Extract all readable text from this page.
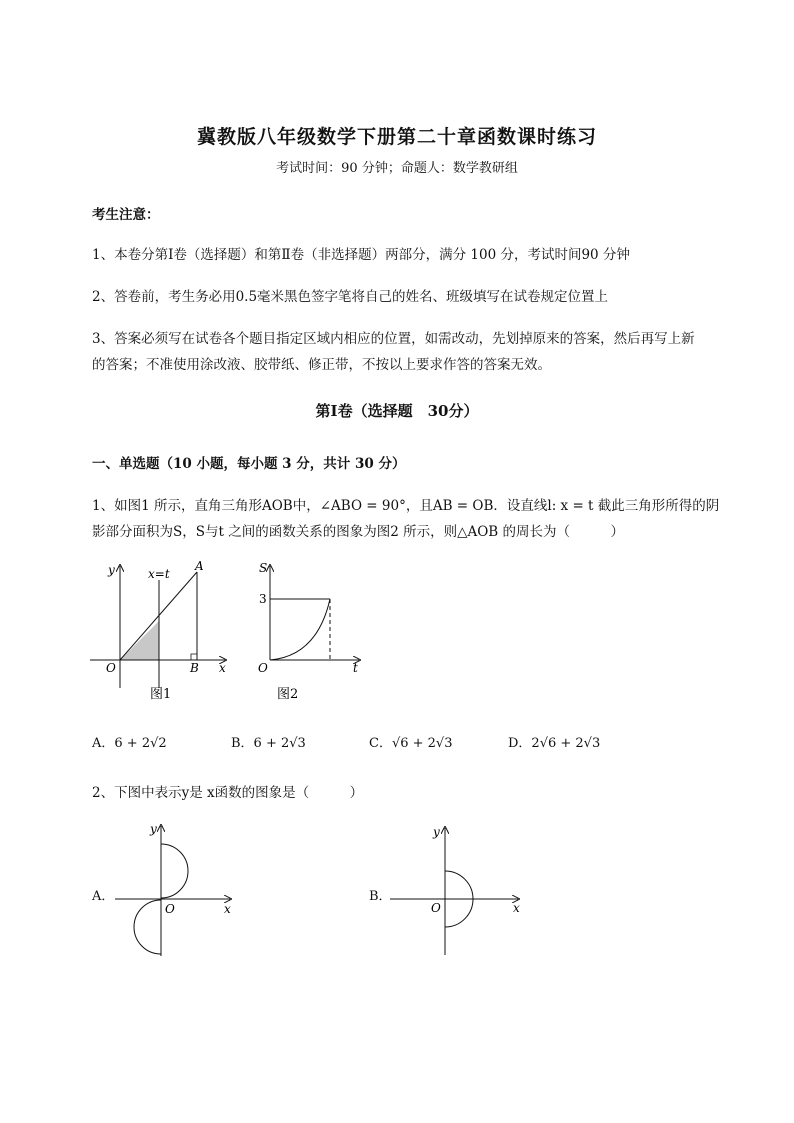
冀教版八年级数学下册第二十章函数课时练习
考试时间：90 分钟；命题人：数学教研组
考生注意：
1、本卷分第Ⅰ卷（选择题）和第Ⅱ卷（非选择题）两部分，满分 100 分，考试时间90 分钟
2、答卷前，考生务必用0.5毫米黑色签字笔将自己的姓名、班级填写在试卷规定位置上
3、答案必须写在试卷各个题目指定区域内相应的位置，如需改动，先划掉原来的答案，然后再写上新
的答案；不准使用涂改液、胶带纸、修正带，不按以上要求作答的答案无效。
第Ⅰ卷（选择题　30分）
一、单选题（10 小题，每小题 3 分，共计 30 分）
1、如图1 所示，直角三角形AOB中，∠ABO = 90°，且AB = OB．设直线l: x = t 截此三角形所得的阴
影部分面积为S，S与t 之间的函数关系的图象为图2 所示，则△AOB 的周长为（　　　）
y
x
O
A
B
x=t
图1
S
t
O
3
图2
A．6 + 2√2	B．6 + 2√3	C．√6 + 2√3	D．2√6 + 2√3
2、下图中表示y是 x函数的图象是（　　　）
A．
y
x
O
B．
y
x
O
